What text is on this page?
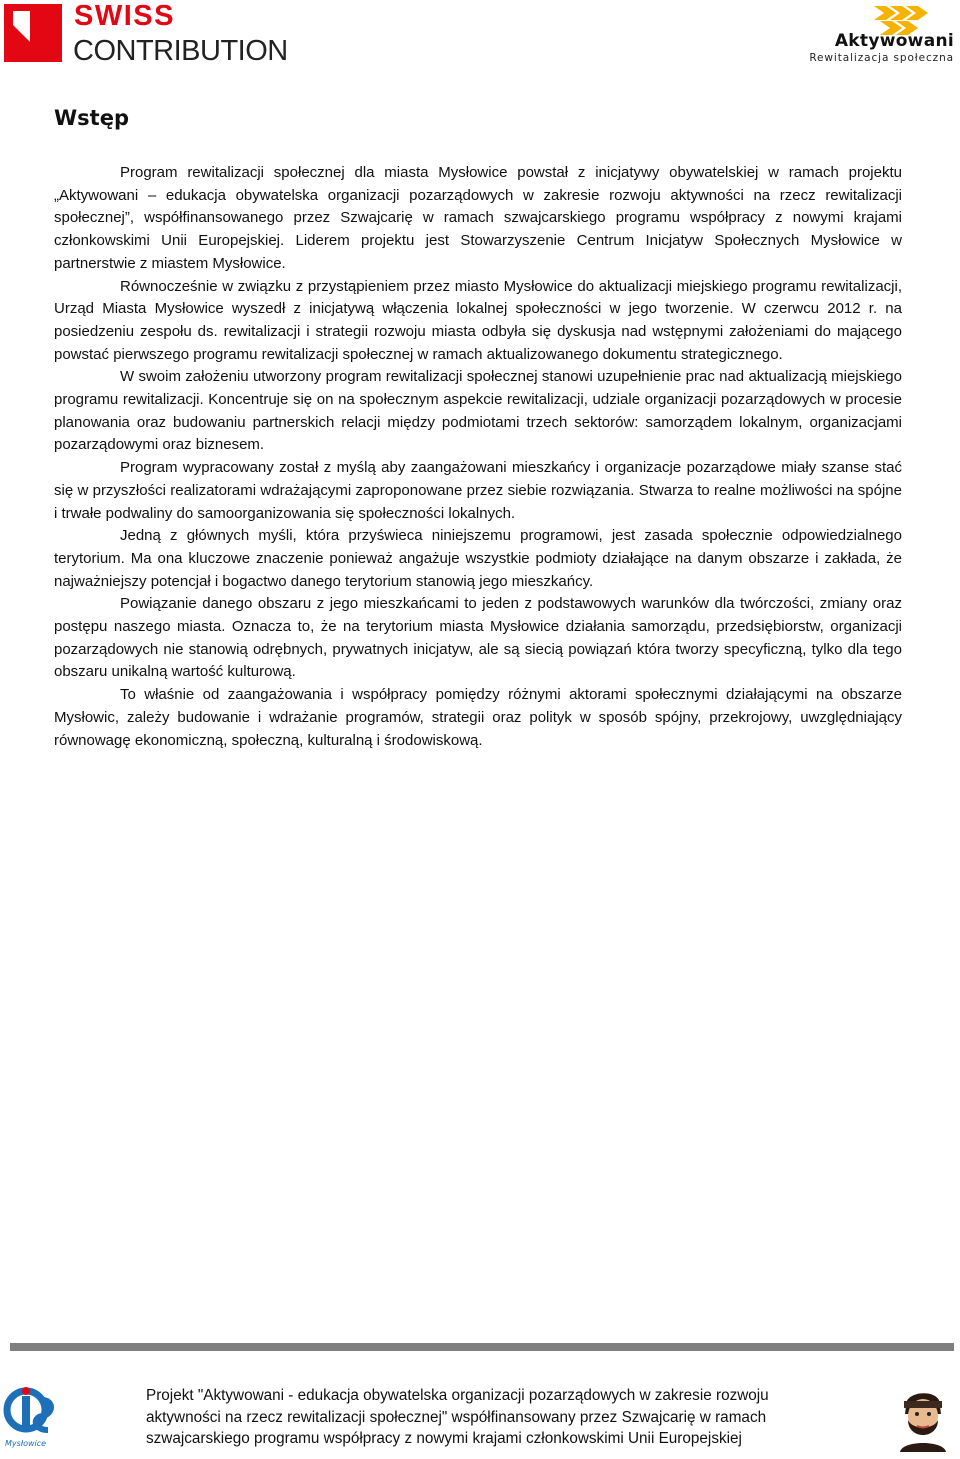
SWISS
CONTRIBUTION	Aktywowani
Rewitalizacja społeczna
Wstęp

Program rewitalizacji społecznej dla miasta Mysłowice powstał z inicjatywy obywatelskiej w ramach projektu „Aktywowani – edukacja obywatelska organizacji pozarządowych w zakresie rozwoju aktywności na rzecz rewitalizacji społecznej”, współfinansowanego przez Szwajcarię w ramach szwajcarskiego programu współpracy z nowymi krajami członkowskimi Unii Europejskiej. Liderem projektu jest Stowarzyszenie Centrum Inicjatyw Społecznych Mysłowice w partnerstwie z miastem Mysłowice.

Równocześnie w związku z przystąpieniem przez miasto Mysłowice do aktualizacji miejskiego programu rewitalizacji, Urząd Miasta Mysłowice wyszedł z inicjatywą włączenia lokalnej społeczności w jego tworzenie. W czerwcu 2012 r. na posiedzeniu zespołu ds. rewitalizacji i strategii rozwoju miasta odbyła się dyskusja nad wstępnymi założeniami do mającego powstać pierwszego programu rewitalizacji społecznej w ramach aktualizowanego dokumentu strategicznego.

W swoim założeniu utworzony program rewitalizacji społecznej stanowi uzupełnienie prac nad aktualizacją miejskiego programu rewitalizacji. Koncentruje się on na społecznym aspekcie rewitalizacji, udziale organizacji pozarządowych w procesie planowania oraz budowaniu partnerskich relacji między podmiotami trzech sektorów: samorządem lokalnym, organizacjami pozarządowymi oraz biznesem.

Program wypracowany został z myślą aby zaangażowani mieszkańcy i organizacje pozarządowe miały szanse stać się w przyszłości realizatorami wdrażającymi zaproponowane przez siebie rozwiązania. Stwarza to realne możliwości na spójne i trwałe podwaliny do samoorganizowania się społeczności lokalnych.

Jedną z głównych myśli, która przyświeca niniejszemu programowi, jest zasada społecznie odpowiedzialnego terytorium. Ma ona kluczowe znaczenie ponieważ angażuje wszystkie podmioty działające na danym obszarze i zakłada, że najważniejszy potencjał i bogactwo danego terytorium stanowią jego mieszkańcy.

Powiązanie danego obszaru z jego mieszkańcami to jeden z podstawowych warunków dla twórczości, zmiany oraz postępu naszego miasta. Oznacza to, że na terytorium miasta Mysłowice działania samorządu, przedsiębiorstw, organizacji pozarządowych nie stanowią odrębnych, prywatnych inicjatyw, ale są siecią powiązań która tworzy specyficzną, tylko dla tego obszaru unikalną wartość kulturową.

To właśnie od zaangażowania i współpracy pomiędzy różnymi aktorami społecznymi działającymi na obszarze Mysłowic, zależy budowanie i wdrażanie programów, strategii oraz polityk w sposób spójny, przekrojowy, uwzględniający równowagę ekonomiczną, społeczną, kulturalną i środowiskową.

Mysłowice
Projekt "Aktywowani - edukacja obywatelska organizacji pozarządowych w zakresie rozwoju
aktywności na rzecz rewitalizacji społecznej" współfinansowany przez Szwajcarię w ramach
szwajcarskiego programu współpracy z nowymi krajami członkowskimi Unii Europejskiej
